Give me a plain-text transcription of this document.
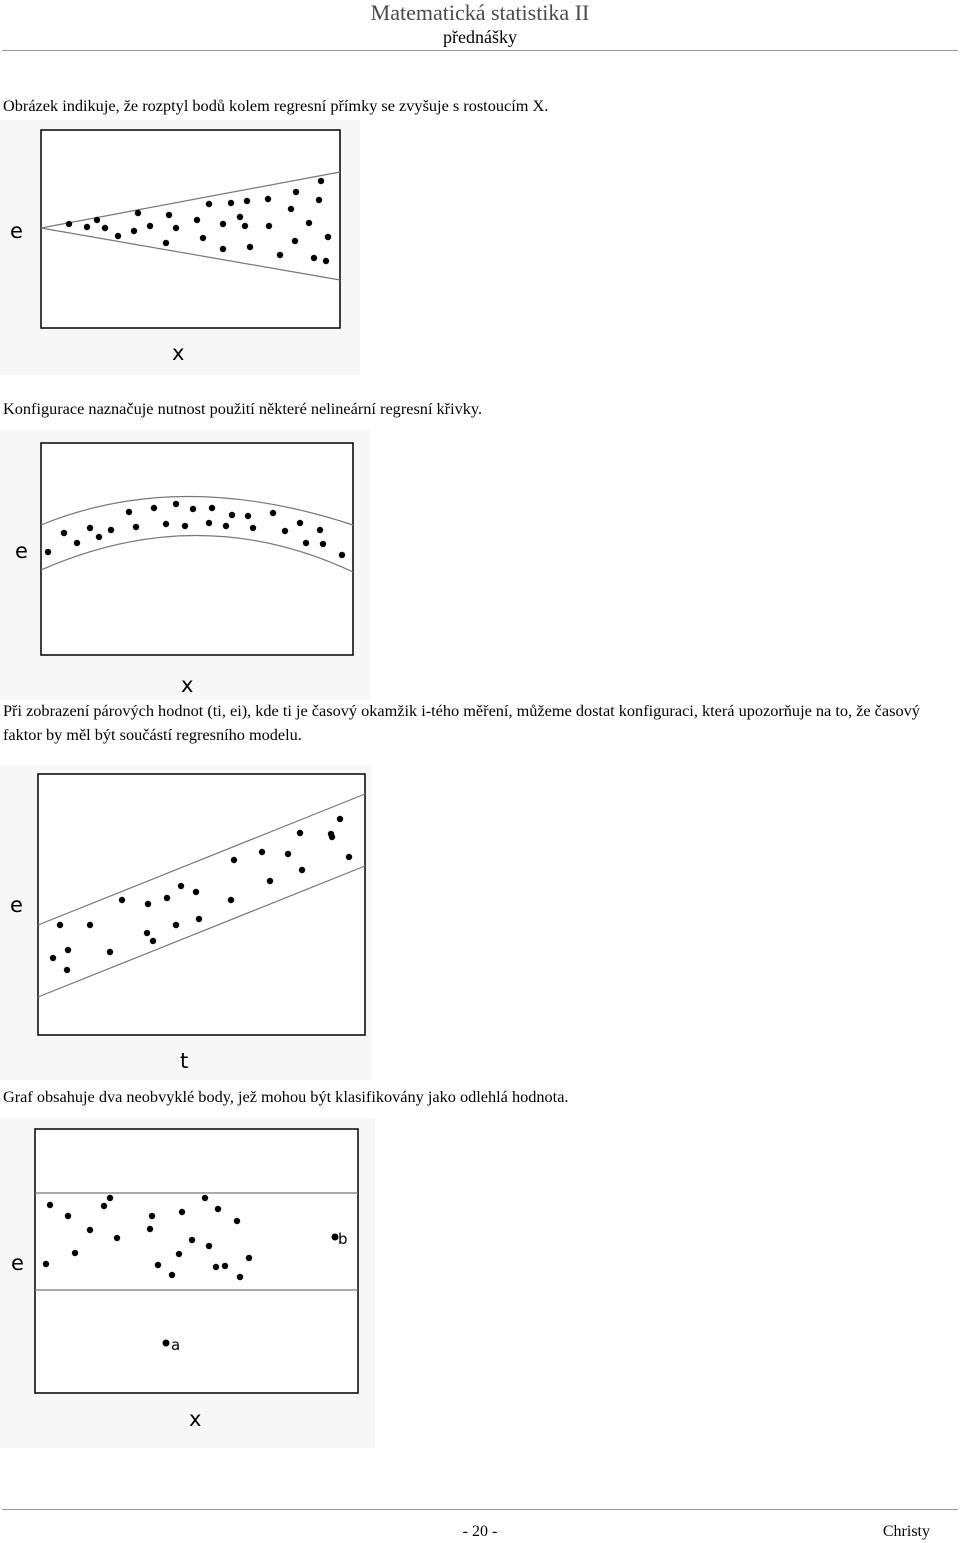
Matematická statistika II
přednášky
Obrázek indikuje, že rozptyl bodů kolem regresní přímky se zvyšuje s rostoucím X.
e
x
Konfigurace naznačuje nutnost použití některé nelineární regresní křivky.
e
x
Při zobrazení párových hodnot (ti, ei), kde ti je časový okamžik i-tého měření, můžeme dostat konfiguraci, která upozorňuje na to, že časový faktor by měl být součástí regresního modelu.
e
t
Graf obsahuje dva neobvyklé body, jež mohou být klasifikovány jako odlehlá hodnota.
a
b
e
x
- 20 -	Christy
